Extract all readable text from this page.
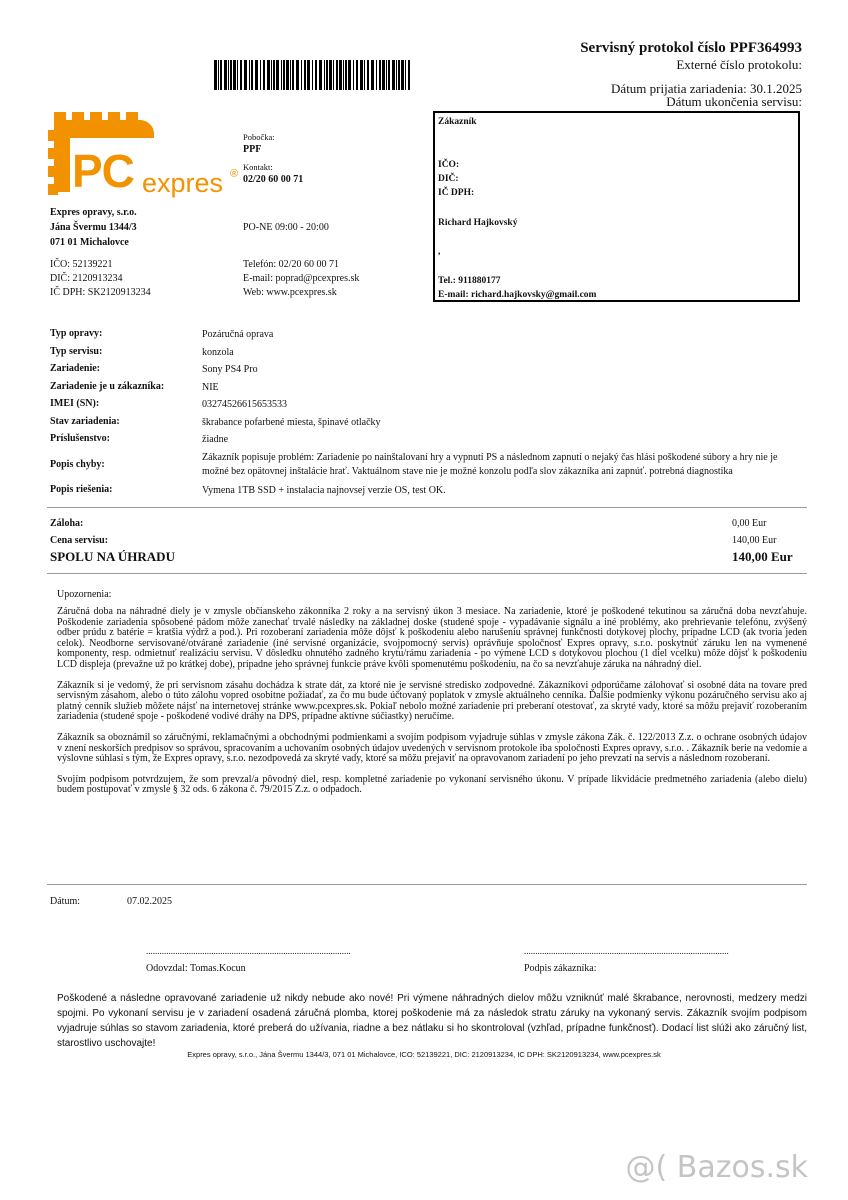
Servisný protokol číslo PPF364993
Externé číslo protokolu:
Dátum prijatia zariadenia: 30.1.2025
Dátum ukončenia servisu:
PC expres ®
Pobočka:
PPF
Kontakt:
02/20 60 00 71
Expres opravy, s.r.o.
Jána Švermu 1344/3
071 01 Michalovce
PO-NE 09:00 - 20:00
IČO: 52139221
DIČ: 2120913234
IČ DPH: SK2120913234
Telefón: 02/20 60 00 71
E-mail: poprad@pcexpres.sk
Web: www.pcexpres.sk
Zákazník
IČO:
DIČ:
IČ DPH:
Richard Hajkovský
,
Tel.: 911880177
E-mail: richard.hajkovsky@gmail.com
Typ opravy:	Pozáručná oprava
Typ servisu:	konzola
Zariadenie:	Sony PS4 Pro
Zariadenie je u zákazníka:	NIE
IMEI (SN):	03274526615653533
Stav zariadenia:	škrabance pofarbené miesta, špinavé otlačky
Príslušenstvo:	žiadne
Popis chyby:
Zákazník popisuje problém: Zariadenie po nainštalovaní hry a vypnutí PS a následnom zapnutí o nejaký čas hlási poškodené súbory a hry nie je možné bez opätovnej inštalácie hrať. Vaktuálnom stave nie je možné konzolu podľa slov zákazníka ani zapnúť. potrebná diagnostika
Popis riešenia:	Vymena 1TB SSD + instalacia najnovsej verzie OS, test OK.
Záloha:	0,00 Eur
Cena servisu:	140,00 Eur
SPOLU NA ÚHRADU	140,00 Eur
Upozornenia:

Záručná doba na náhradné diely je v zmysle občianskeho zákonníka 2 roky a na servisný úkon 3 mesiace. Na zariadenie, ktoré je poškodené tekutinou sa záručná doba nevzťahuje. Poškodenie zariadenia spôsobené pádom môže zanechať trvalé následky na základnej doske (studené spoje - vypadávanie signálu a iné problémy, ako prehrievanie telefónu, zvýšený odber prúdu z batérie = kratšia výdrž a pod.). Pri rozoberaní zariadenia môže dôjsť k poškodeniu alebo narušeniu správnej funkčnosti dotykovej plochy, prípadne LCD (ak tvoria jeden celok). Neodborne servisované/otvárané zariadenie (iné servisné organizácie, svojpomocný servis) oprávňuje spoločnosť Expres opravy, s.r.o. poskytnúť záruku len na vymenené komponenty, resp. odmietnuť realizáciu servisu. V dôsledku ohnutého zadného krytu/rámu zariadenia - po výmene LCD s dotykovou plochou (1 diel vcelku) môže dôjsť k poškodeniu LCD displeja (prevažne už po krátkej dobe), prípadne jeho správnej funkcie práve kvôli spomenutému poškodeniu, na čo sa nevzťahuje záruka na náhradný diel.

Zákazník si je vedomý, že pri servisnom zásahu dochádza k strate dát, za ktoré nie je servisné stredisko zodpovedné. Zákazníkovi odporúčame zálohovať si osobné dáta na tovare pred servisným zásahom, alebo o túto zálohu vopred osobitne požiadať, za čo mu bude účtovaný poplatok v zmysle aktuálneho cenníka. Ďalšie podmienky výkonu pozáručného servisu ako aj platný cenník služieb môžete nájsť na internetovej stránke www.pcexpres.sk. Pokiaľ nebolo možné zariadenie pri preberaní otestovať, za skryté vady, ktoré sa môžu prejaviť rozoberaním zariadenia (studené spoje - poškodené vodivé dráhy na DPS, prípadne aktívne súčiastky) neručíme.

Zákazník sa oboznámil so záručnými, reklamačnými a obchodnými podmienkami a svojím podpisom vyjadruje súhlas v zmysle zákona Zák. č. 122/2013 Z.z. o ochrane osobných údajov v znení neskorších predpisov so správou, spracovaním a uchovaním osobných údajov uvedených v servisnom protokole iba spoločnosti Expres opravy, s.r.o. . Zákazník berie na vedomie a výslovne súhlasí s tým, že Expres opravy, s.r.o. nezodpovedá za skryté vady, ktoré sa môžu prejaviť na opravovanom zariadení po jeho prevzatí na servis a následnom rozoberaní.

Svojím podpisom potvrdzujem, že som prevzal/a pôvodný diel, resp. kompletné zariadenie po vykonaní servisného úkonu. V prípade likvidácie predmetného zariadenia (alebo dielu) budem postupovať v zmysle § 32 ods. 6 zákona č. 79/2015 Z.z. o odpadoch.

Dátum:	07.02.2025
...........................................................................................	...........................................................................................
Odovzdal: Tomas.Kocun	Podpis zákazníka:
Poškodené a následne opravované zariadenie už nikdy nebude ako nové! Pri výmene náhradných dielov môžu vzniknúť malé škrabance, nerovnosti, medzery medzi spojmi. Po vykonaní servisu je v zariadení osadená záručná plomba, ktorej poškodenie má za následok stratu záruky na vykonaný servis. Zákazník svojím podpisom vyjadruje súhlas so stavom zariadenia, ktoré preberá do užívania, riadne a bez nátlaku si ho skontroloval (vzhľad, prípadne funkčnosť). Dodací list slúži ako záručný list, starostlivo uschovajte!
Expres opravy, s.r.o., Jána Švermu 1344/3, 071 01 Michalovce, ICO: 52139221, DIC: 2120913234, IC DPH: SK2120913234, www.pcexpres.sk
@( Bazos.sk
